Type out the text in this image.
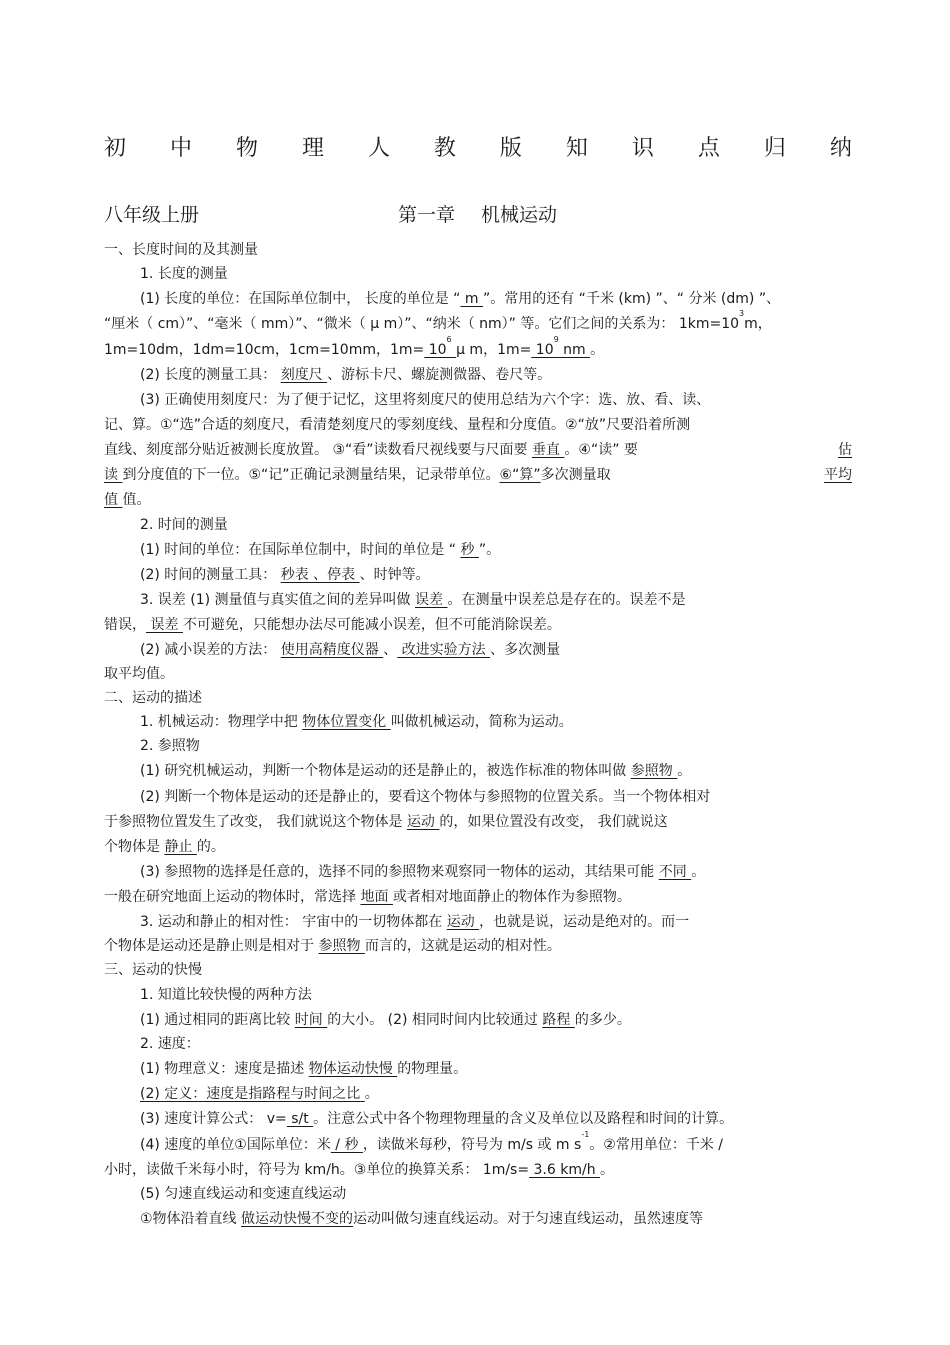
初 中 物 理 人 教 版 知 识 点 归 纳
八年级上册	第一章 机械运动
一、长度时间的及其测量
1. 长度的测量
(1) 长度的单位：在国际单位制中， 长度的单位是 “ m ”。常用的还有 “千米 (km) ”、“ 分米 (dm) ”、
“厘米（ cm）”、“毫米（ mm）”、“微米（ μ m）”、“纳米（ nm）” 等。它们之间的关系为： $1km=10^3m$，
1m=10dm，1dm=10cm，1cm=10mm，$1m= 10^6$ μ m，$1m= 10^9$ nm 。
(2) 长度的测量工具： 刻度尺 、游标卡尺、螺旋测微器、卷尺等。
(3) 正确使用刻度尺：为了便于记忆，这里将刻度尺的使用总结为六个字：选、放、看、读、
记、算。①“选”合适的刻度尺，看清楚刻度尺的零刻度线、量程和分度值。②“放”尺要沿着所测
直线、刻度部分贴近被测长度放置。 ③“看”读数看尺视线要与尺面要 垂直 。④“读” 要	估
读 到分度值的下一位。⑤“记”正确记录测量结果，记录带单位。⑥“算”多次测量取	平均
值 值。
2. 时间的测量
(1) 时间的单位：在国际单位制中，时间的单位是 “ 秒 ”。
(2) 时间的测量工具： 秒表 、停表 、时钟等。
3. 误差 (1) 测量值与真实值之间的差异叫做 误差 。在测量中误差总是存在的。误差不是
错误， 误差 不可避免，只能想办法尽可能减小误差，但不可能消除误差。
(2) 减小误差的方法： 使用高精度仪器 、 改进实验方法 、多次测量
取平均值。
二、运动的描述
1. 机械运动：物理学中把 物体位置变化 叫做机械运动，简称为运动。
2. 参照物
(1) 研究机械运动，判断一个物体是运动的还是静止的，被选作标准的物体叫做 参照物 。
(2) 判断一个物体是运动的还是静止的，要看这个物体与参照物的位置关系。当一个物体相对
于参照物位置发生了改变， 我们就说这个物体是 运动 的，如果位置没有改变， 我们就说这
个物体是 静止 的。
(3) 参照物的选择是任意的，选择不同的参照物来观察同一物体的运动，其结果可能 不同 。
一般在研究地面上运动的物体时，常选择 地面 或者相对地面静止的物体作为参照物。
3. 运动和静止的相对性： 宇宙中的一切物体都在 运动 ，也就是说，运动是绝对的。而一
个物体是运动还是静止则是相对于 参照物 而言的，这就是运动的相对性。
三、运动的快慢
1. 知道比较快慢的两种方法
(1) 通过相同的距离比较 时间 的大小。 (2) 相同时间内比较通过 路程 的多少。
2. 速度：
(1) 物理意义：速度是描述 物体运动快慢 的物理量。
(2) 定义：速度是指路程与时间之比 。
(3) 速度计算公式： v= s/t 。注意公式中各个物理物理量的含义及单位以及路程和时间的计算。
(4) 速度的单位①国际单位：米 / 秒 ，读做米每秒，符号为 m/s 或 m $s^{-1}$。②常用单位：千米 /
小时，读做千米每小时，符号为 km/h。③单位的换算关系： 1m/s= 3.6 km/h 。
(5) 匀速直线运动和变速直线运动
①物体沿着直线 做运动快慢不变的运动叫做匀速直线运动。对于匀速直线运动，虽然速度等
